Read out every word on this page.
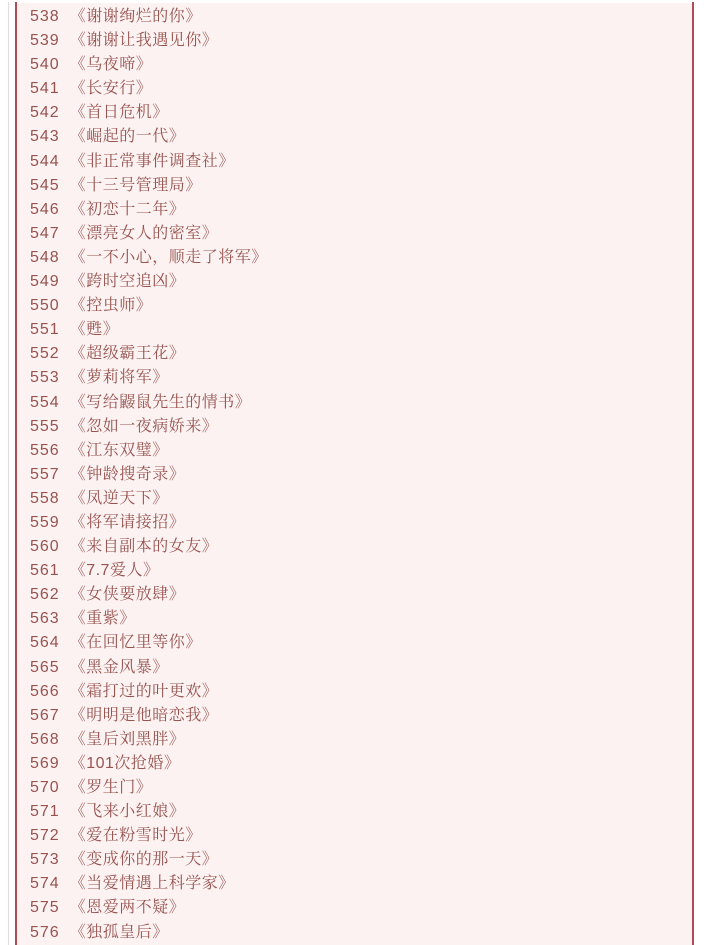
538 《谢谢绚烂的你》
539 《谢谢让我遇见你》
540 《乌夜啼》
541 《长安行》
542 《首日危机》
543 《崛起的一代》
544 《非正常事件调查社》
545 《十三号管理局》
546 《初恋十二年》
547 《漂亮女人的密室》
548 《一不小心，顺走了将军》
549 《跨时空追凶》
550 《控虫师》
551 《甦》
552 《超级霸王花》
553 《萝莉将军》
554 《写给鼹鼠先生的情书》
555 《忽如一夜病娇来》
556 《江东双璧》
557 《钟龄搜奇录》
558 《凤逆天下》
559 《将军请接招》
560 《来自副本的女友》
561 《7.7爱人》
562 《女侠要放肆》
563 《重紫》
564 《在回忆里等你》
565 《黑金风暴》
566 《霜打过的叶更欢》
567 《明明是他暗恋我》
568 《皇后刘黑胖》
569 《101次抢婚》
570 《罗生门》
571 《飞来小红娘》
572 《爱在粉雪时光》
573 《变成你的那一天》
574 《当爱情遇上科学家》
575 《恩爱两不疑》
576 《独孤皇后》
